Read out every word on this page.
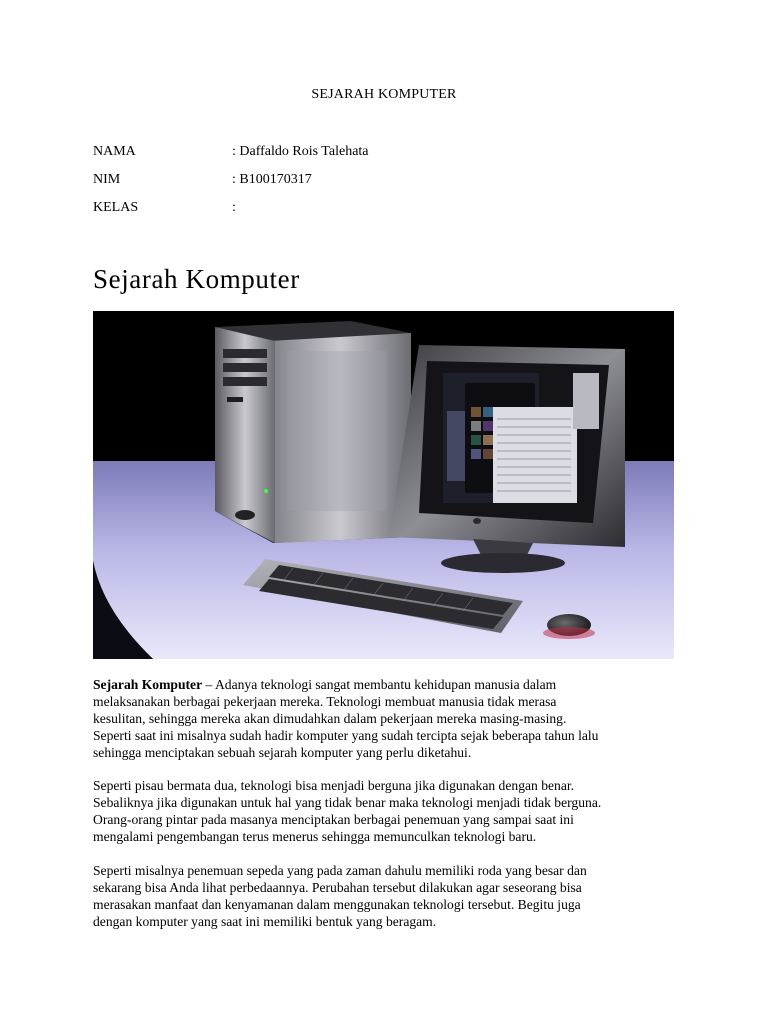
SEJARAH KOMPUTER
NAMA	: Daffaldo Rois Talehata
NIM	: B100170317
KELAS	:
Sejarah Komputer
Sejarah Komputer – Adanya teknologi sangat membantu kehidupan manusia dalam
melaksanakan berbagai pekerjaan mereka. Teknologi membuat manusia tidak merasa
kesulitan, sehingga mereka akan dimudahkan dalam pekerjaan mereka masing-masing.
Seperti saat ini misalnya sudah hadir komputer yang sudah tercipta sejak beberapa tahun lalu
sehingga menciptakan sebuah sejarah komputer yang perlu diketahui.
Seperti pisau bermata dua, teknologi bisa menjadi berguna jika digunakan dengan benar.
Sebaliknya jika digunakan untuk hal yang tidak benar maka teknologi menjadi tidak berguna.
Orang-orang pintar pada masanya menciptakan berbagai penemuan yang sampai saat ini
mengalami pengembangan terus menerus sehingga memunculkan teknologi baru.
Seperti misalnya penemuan sepeda yang pada zaman dahulu memiliki roda yang besar dan
sekarang bisa Anda lihat perbedaannya. Perubahan tersebut dilakukan agar seseorang bisa
merasakan manfaat dan kenyamanan dalam menggunakan teknologi tersebut. Begitu juga
dengan komputer yang saat ini memiliki bentuk yang beragam.
